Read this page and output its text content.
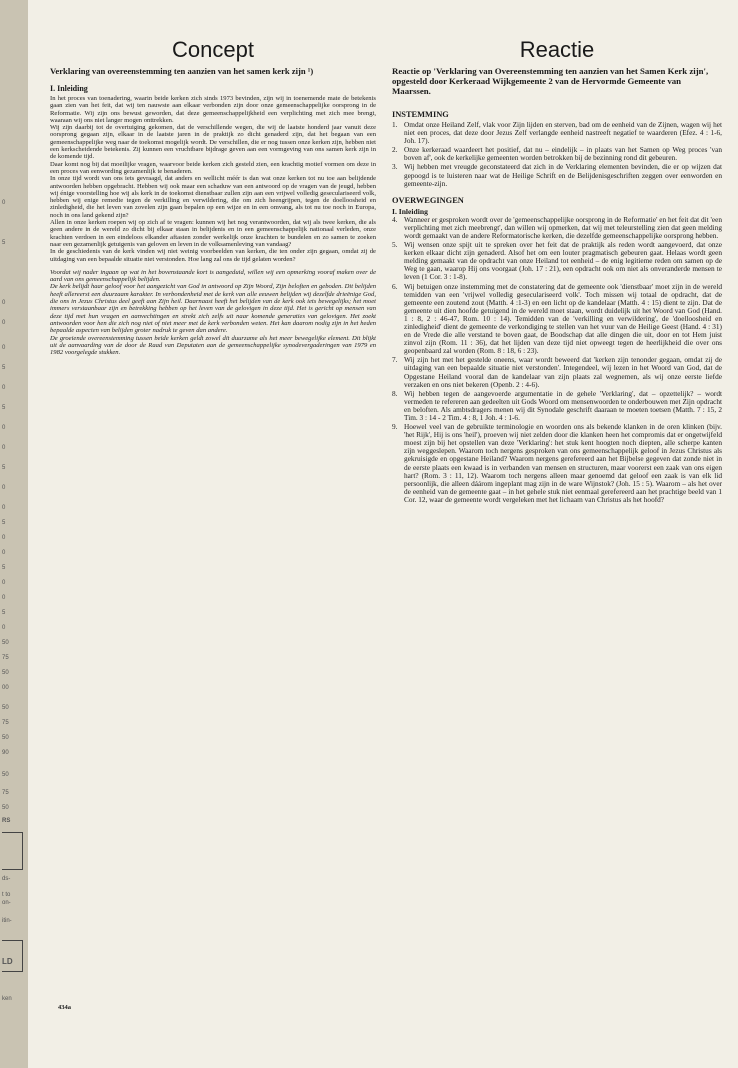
0
5
0
0
0
5
0
5
0
0
5
0
0
5
0
0
5
0
0
5
0
50
75
50
00
50
75
50
90
50
75
50
RS
ds-
t to
on-
itin-
LD
ken
Concept
Verklaring van overeenstemming ten aanzien van het samen kerk zijn ¹)
I. Inleiding

In het proces van toenadering, waarin beide kerken zich sinds 1973 bevinden, zijn wij in toenemende mate de betekenis gaan zien van het feit, dat wij ten nauwste aan elkaar verbonden zijn door onze gemeenschappelijke oorsprong in de Reformatie. Wij zijn ons bewust geworden, dat deze gemeenschappelijkheid een verplichting met zich mee brengt, waaraan wij ons niet langer mogen onttrekken.

Wij zijn daarbij tot de overtuiging gekomen, dat de verschillende wegen, die wij de laatste honderd jaar vanuit deze oorsprong gegaan zijn, elkaar in de laatste jaren in de praktijk zo dicht genaderd zijn, dat het begaan van een gemeenschappelijke weg naar de toekomst mogelijk wordt. De verschillen, die er nog tussen onze kerken zijn, hebben niet een kerkscheidende betekenis. Zij kunnen een vruchtbare bijdrage geven aan een vormgeving van ons samen kerk zijn in de komende tijd.

Daar komt nog bij dat moeilijke vragen, waarvoor beide kerken zich gesteld zien, een krachtig motief vormen om deze in een proces van eenwording gezamenlijk te benaderen.

In onze tijd wordt van ons iets gevraagd, dat anders en wellicht méér is dan wat onze kerken tot nu toe aan belijdende antwoorden hebben opgebracht. Hebben wij ook maar een schaduw van een antwoord op de vragen van de jeugd, hebben wij énige voorstelling hoe wij als kerk in de toekomst dienstbaar zullen zijn aan een vrijwel volledig geseculariseerd volk, hebben wij enige remedie tegen de verkilling en verwildering, die om zich heengrijpen, tegen de doelloosheid en zinledigheid, die het leven van zovelen zijn gaan bepalen op een wijze en in een omvang, als tot nu toe noch in Europa, noch in ons land gekend zijn?

Allen in onze kerken roepen wij op zich af te vragen: kunnen wij het nog verantwoorden, dat wij als twee kerken, die als geen andere in de wereld zo dicht bij elkaar staan in belijdenis en in een gemeenschappelijk nationaal verleden, onze krachten verdoen in een eindeloos elkander aftasten zonder werkelijk onze krachten te bundelen en zo samen te zoeken naar een gezamenlijk getuigenis van geloven en leven in de volksamenleving van vandaag?

In de geschiedenis van de kerk vinden wij niet weinig voorbeelden van kerken, die ten onder zijn gegaan, omdat zij de uitdaging van een bepaalde situatie niet verstonden. Hoe lang zal ons de tijd gelaten worden?

Voordat wij nader ingaan op wat in het bovenstaande kort is aangeduid, willen wij een opmerking vooraf maken over de aard van ons gemeenschappelijk belijden.

De kerk belijdt haar geloof voor het aangezicht van God in antwoord op Zijn Woord, Zijn beloften en geboden. Dit belijden heeft allereerst een duurzaam karakter. In verbondenheid met de kerk van alle eeuwen belijden wij dezelfde drieënige God, die ons in Jezus Christus deel geeft aan Zijn heil. Daarnaast heeft het belijden van de kerk ook iets bewegelijks; het moet immers verstaanbaar zijn en betrekking hebben op het leven van de gelovigen in deze tijd. Het is gericht op mensen van deze tijd met hun vragen en aanvechtingen en strekt zich zelfs uit naar komende generaties van gelovigen. Het zoekt antwoorden voor hen die zich nog niet of niet meer met de kerk verbonden weten. Het kan daarom nodig zijn in het heden bepaalde aspecten van belijden groter nadruk te geven dan andere.

De groeiende overeenstemming tussen beide kerken geldt zowel dit duurzame als het meer bewegelijke element. Dit blijkt uit de aanvaarding van de door de Raad van Deputaten aan de gemeenschappelijke synodevergaderingen van 1979 en 1982 voorgelegde stukken.

Reactie
Reactie op 'Verklaring van Overeenstemming ten aanzien van het Samen Kerk zijn', opgesteld door Kerkeraad Wijkgemeente 2 van de Hervormde Gemeente van Maarssen.
INSTEMMING
1. Omdat onze Heiland Zelf, vlak voor Zijn lijden en sterven, bad om de eenheid van de Zijnen, wagen wij het niet een proces, dat deze door Jezus Zelf verlangde eenheid nastreeft negatief te waarderen (Efez. 4 : 1-6, Joh. 17).
2. Onze kerkeraad waardeert het positief, dat nu – eindelijk – in plaats van het Samen op Weg proces 'van boven af', ook de kerkelijke gemeenten worden betrokken bij de bezinning rond dit gebeuren.
3. Wij hebben met vreugde geconstateerd dat zich in de Verklaring elementen bevinden, die er op wijzen dat gepoogd is te luisteren naar wat de Heilige Schrift en de Belijdenisgeschriften zeggen over eenworden en gemeente-zijn.
OVERWEGINGEN
I. Inleiding
4. Wanneer er gesproken wordt over de 'gemeenschappelijke oorsprong in de Reformatie' en het feit dat dit 'een verplichting met zich meebrengt', dan willen wij opmerken, dat wij met teleurstelling zien dat geen melding wordt gemaakt van de andere Reformatorische kerken, die dezelfde gemeenschappelijke oorsprong hebben.
5. Wij wensen onze spijt uit te spreken over het feit dat de praktijk als reden wordt aangevoerd, dat onze kerken elkaar dicht zijn genaderd. Alsof het om een louter pragmatisch gebeuren gaat. Helaas wordt geen melding gemaakt van de opdracht van onze Heiland tot eenheid – de enig legitieme reden om samen op de Weg te gaan, waarop Hij ons voorgaat (Joh. 17 : 21), een opdracht ook om niet als onveranderde mensen te leven (1 Cor. 3 : 1-8).
6. Wij betuigen onze instemming met de constatering dat de gemeente ook 'dienstbaar' moet zijn in de wereld temidden van een 'vrijwel volledig geseculariseerd volk'. Toch missen wij totaal de opdracht, dat de gemeente een zoutend zout (Matth. 4 :1-3) en een licht op de kandelaar (Matth. 4 : 15) dient te zijn. Dat de gemeente uit dien hoofde getuigend in de wereld moet staan, wordt duidelijk uit het Woord van God (Hand. 1 : 8, 2 : 46-47, Rom. 10 : 14). Temidden van de 'verkilling en verwildering', de 'doelloosheid en zinledigheid' dient de gemeente de verkondiging te stellen van het vuur van de Heilige Geest (Hand. 4 : 31) en de Vrede die alle verstand te boven gaat, de Boodschap dat alle dingen die uit, door en tot Hem juist zinvol zijn (Rom. 11 : 36), dat het lijden van deze tijd niet opweegt tegen de heerlijkheid die over ons geopenbaard zal worden (Rom. 8 : 18, 6 : 23).
7. Wij zijn het met het gestelde oneens, waar wordt beweerd dat 'kerken zijn tenonder gegaan, omdat zij de uitdaging van een bepaalde situatie niet verstonden'. Integendeel, wij lezen in het Woord van God, dat de Opgestane Heiland vooral dan de kandelaar van zijn plaats zal wegnemen, als wij onze eerste liefde verzaken en ons niet bekeren (Openb. 2 : 4-6).
8. Wij hebben tegen de aangevoerde argumentatie in de gehele 'Verklaring', dat – opzettelijk? – wordt vermeden te refereren aan gedeelten uit Gods Woord om mensenwoorden te onderbouwen met Zijn opdracht en beloften. Als ambtsdragers menen wij dit Synodale geschrift daaraan te moeten toetsen (Matth. 7 : 15, 2 Tim. 3 : 14 - 2 Tim. 4 : 8, 1 Joh. 4 : 1-6.
9. Hoewel veel van de gebruikte terminologie en woorden ons als bekende klanken in de oren klinken (bijv. 'het Rijk', Hij is ons 'heil'), proeven wij niet zelden door die klanken heen het compromis dat er ongetwijfeld moest zijn bij het opstellen van deze 'Verklaring': het stuk kent hoogten noch diepten, alle scherpe kanten zijn weggeslepen. Waarom toch nergens gesproken van ons gemeenschappelijk geloof in Jezus Christus als gekruisigde en opgestane Heiland? Waarom nergens gerefereerd aan het Bijbelse gegeven dat zonde niet in de eerste plaats een kwaad is in verbanden van mensen en structuren, maar voorerst een zaak van ons eigen hart? (Rom. 3 : 11, 12). Waarom toch nergens alleen maar genoemd dat geloof een zaak is van elk lid persoonlijk, die alleen dáárom ingeplant mag zijn in de ware Wijnstok? (Joh. 15 : 5). Waarom – als het over de eenheid van de gemeente gaat – in het gehele stuk niet eenmaal gerefereerd aan het prachtige beeld van 1 Cor. 12, waar de gemeente wordt vergeleken met het lichaam van Christus als het hoofd?
434a
